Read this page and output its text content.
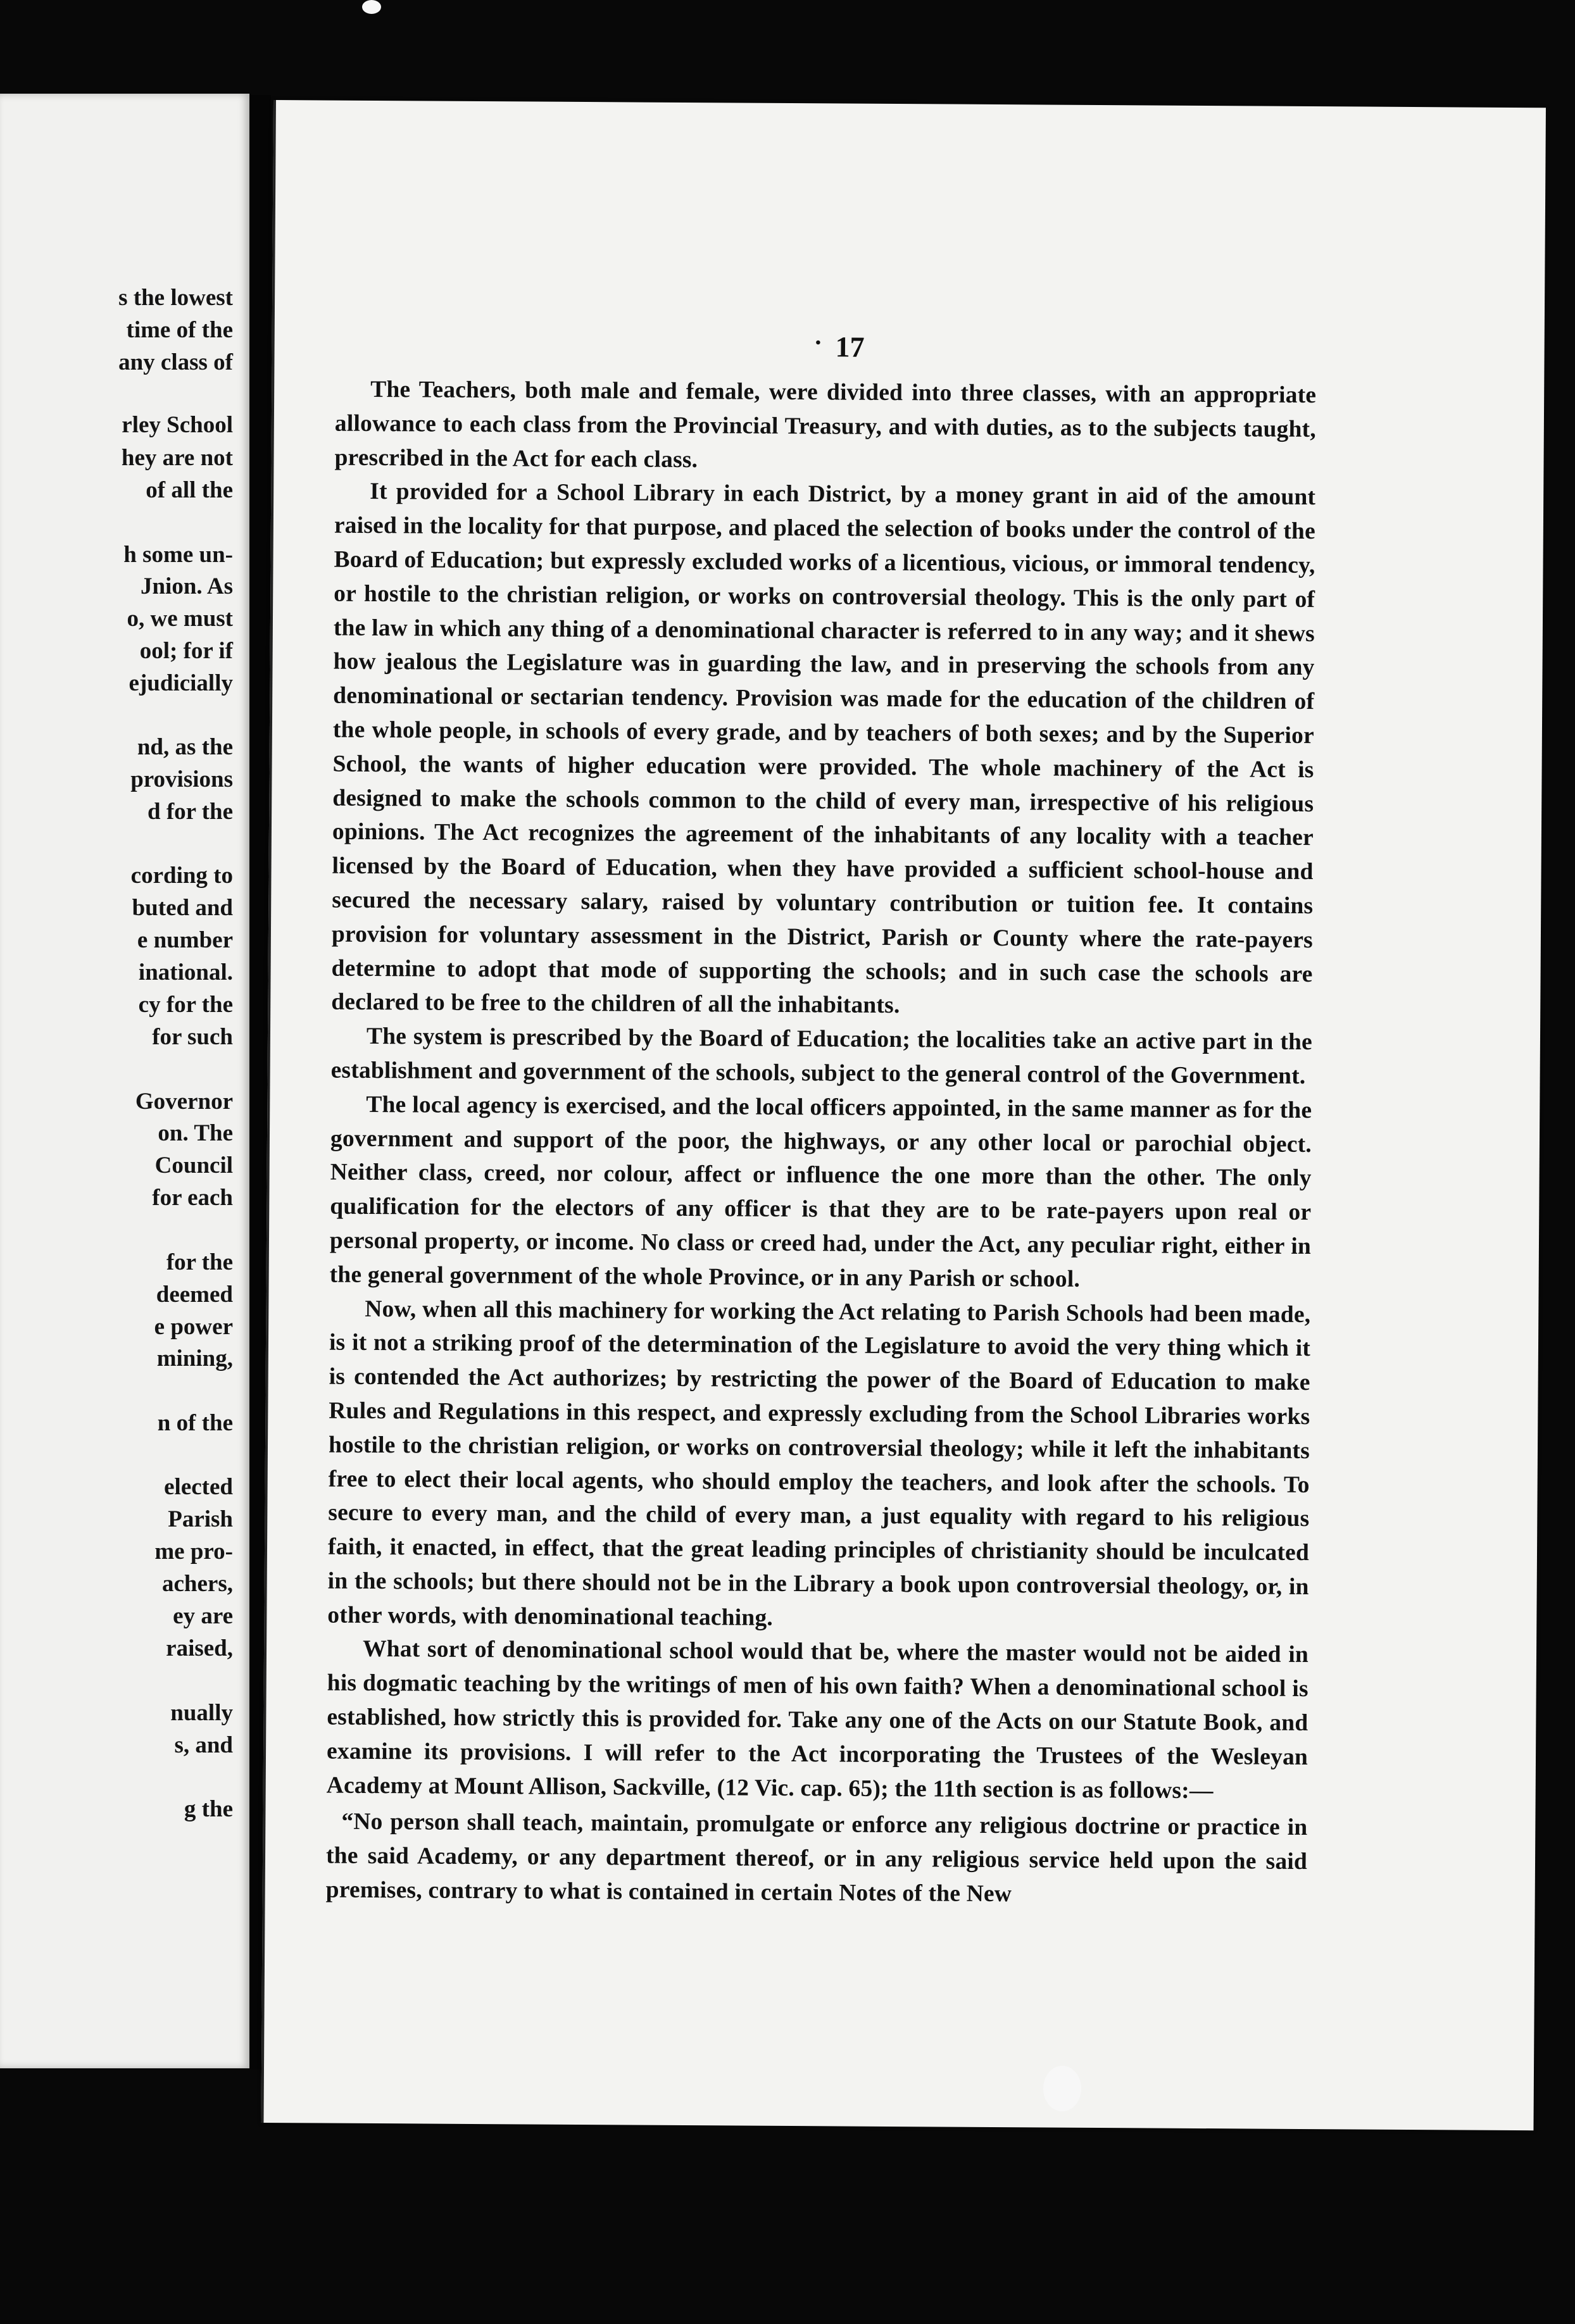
s the lowest
time of the
any class of
rley School
hey are not
of all the
h some un-
Jnion. As
o, we must
ool; for if
ejudicially
nd, as the
provisions
d for the
cording to
buted and
e number
inational.
cy for the
for such
Governor
on. The
Council
for each
for the
deemed
e power
mining,
n of the
elected
Parish
me pro-
achers,
ey are
raised,
nually
s, and
g the
· 17

The Teachers, both male and female, were divided into three classes, with an appropriate allowance to each class from the Provincial Treasury, and with duties, as to the subjects taught, prescribed in the Act for each class.

It provided for a School Library in each District, by a money grant in aid of the amount raised in the locality for that purpose, and placed the selection of books under the control of the Board of Education; but expressly excluded works of a licentious, vicious, or immoral tendency, or hostile to the christian religion, or works on controversial theology. This is the only part of the law in which any thing of a denominational character is referred to in any way; and it shews how jealous the Legislature was in guarding the law, and in preserving the schools from any denominational or sectarian tendency. Provision was made for the education of the children of the whole people, in schools of every grade, and by teachers of both sexes; and by the Superior School, the wants of higher education were provided. The whole machinery of the Act is designed to make the schools common to the child of every man, irrespective of his religious opinions. The Act recognizes the agreement of the inhabitants of any locality with a teacher licensed by the Board of Education, when they have provided a sufficient school-house and secured the necessary salary, raised by voluntary contribution or tuition fee. It contains provision for voluntary assessment in the District, Parish or County where the rate-payers determine to adopt that mode of supporting the schools; and in such case the schools are declared to be free to the children of all the inhabitants.

The system is prescribed by the Board of Education; the localities take an active part in the establishment and government of the schools, subject to the general control of the Government.

The local agency is exercised, and the local officers appointed, in the same manner as for the government and support of the poor, the highways, or any other local or parochial object. Neither class, creed, nor colour, affect or influence the one more than the other. The only qualification for the electors of any officer is that they are to be rate-payers upon real or personal property, or income. No class or creed had, under the Act, any peculiar right, either in the general government of the whole Province, or in any Parish or school.

Now, when all this machinery for working the Act relating to Parish Schools had been made, is it not a striking proof of the determination of the Legislature to avoid the very thing which it is contended the Act authorizes; by restricting the power of the Board of Education to make Rules and Regulations in this respect, and expressly excluding from the School Libraries works hostile to the christian religion, or works on controversial theology; while it left the inhabitants free to elect their local agents, who should employ the teachers, and look after the schools. To secure to every man, and the child of every man, a just equality with regard to his religious faith, it enacted, in effect, that the great leading principles of christianity should be inculcated in the schools; but there should not be in the Library a book upon controversial theology, or, in other words, with denominational teaching.

What sort of denominational school would that be, where the master would not be aided in his dogmatic teaching by the writings of men of his own faith? When a denominational school is established, how strictly this is provided for. Take any one of the Acts on our Statute Book, and examine its provisions. I will refer to the Act incorporating the Trustees of the Wesleyan Academy at Mount Allison, Sackville, (12 Vic. cap. 65); the 11th section is as follows:—

“No person shall teach, maintain, promulgate or enforce any religious doctrine or practice in the said Academy, or any department thereof, or in any religious service held upon the said premises, contrary to what is contained in certain Notes of the New
